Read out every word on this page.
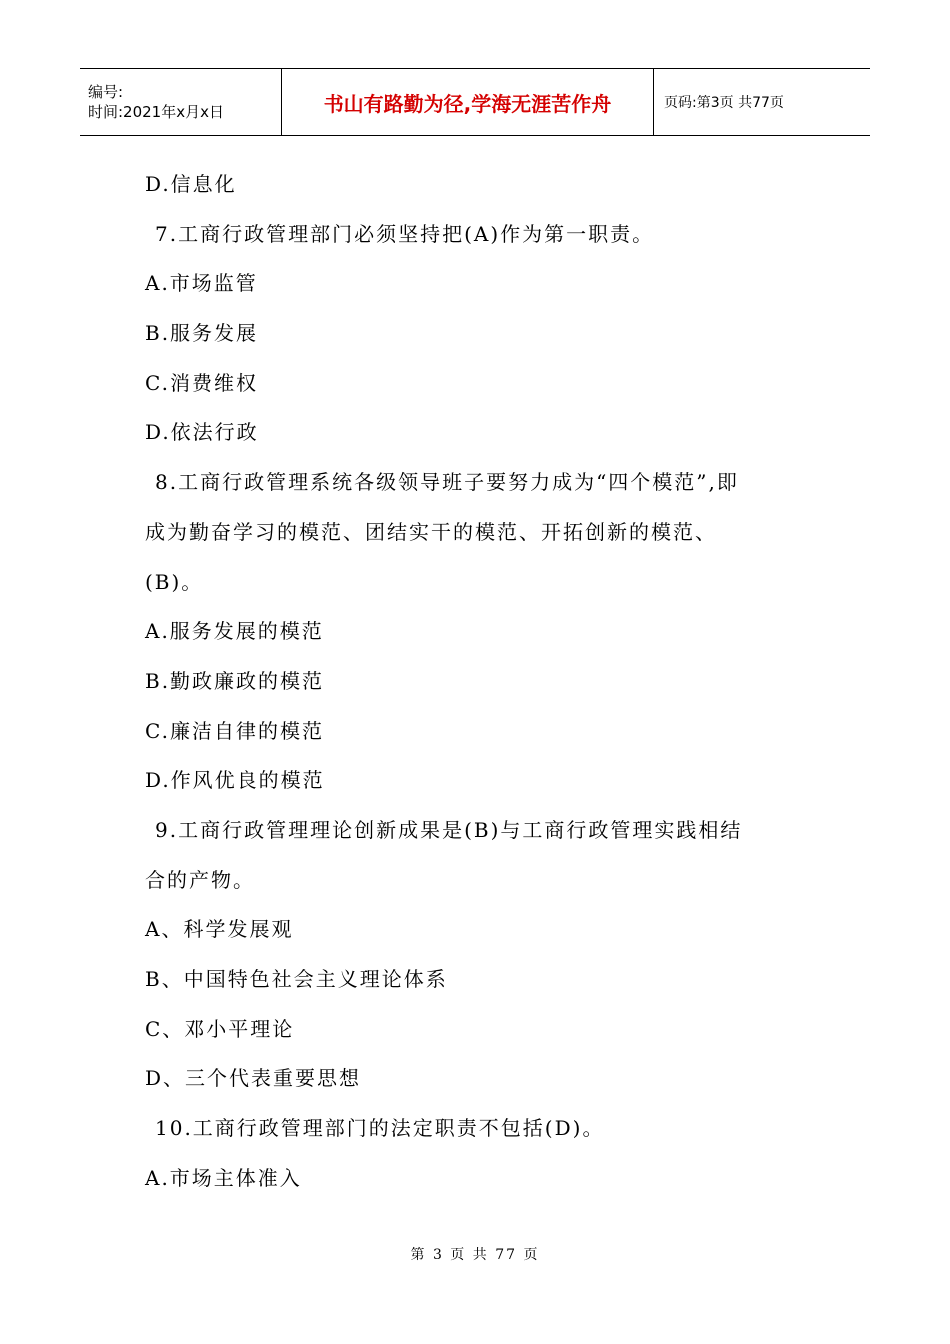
编号:
时间:2021年x月x日	书山有路勤为径,学海无涯苦作舟	页码:第3页 共77页
D.信息化
7.工商行政管理部门必须坚持把(A)作为第一职责。
A.市场监管
B.服务发展
C.消费维权
D.依法行政
8.工商行政管理系统各级领导班子要努力成为“四个模范”,即
成为勤奋学习的模范、团结实干的模范、开拓创新的模范、
(B)。
A.服务发展的模范
B.勤政廉政的模范
C.廉洁自律的模范
D.作风优良的模范
9.工商行政管理理论创新成果是(B)与工商行政管理实践相结
合的产物。
A、科学发展观
B、中国特色社会主义理论体系
C、邓小平理论
D、三个代表重要思想
10.工商行政管理部门的法定职责不包括(D)。
A.市场主体准入
第 3 页 共 77 页
